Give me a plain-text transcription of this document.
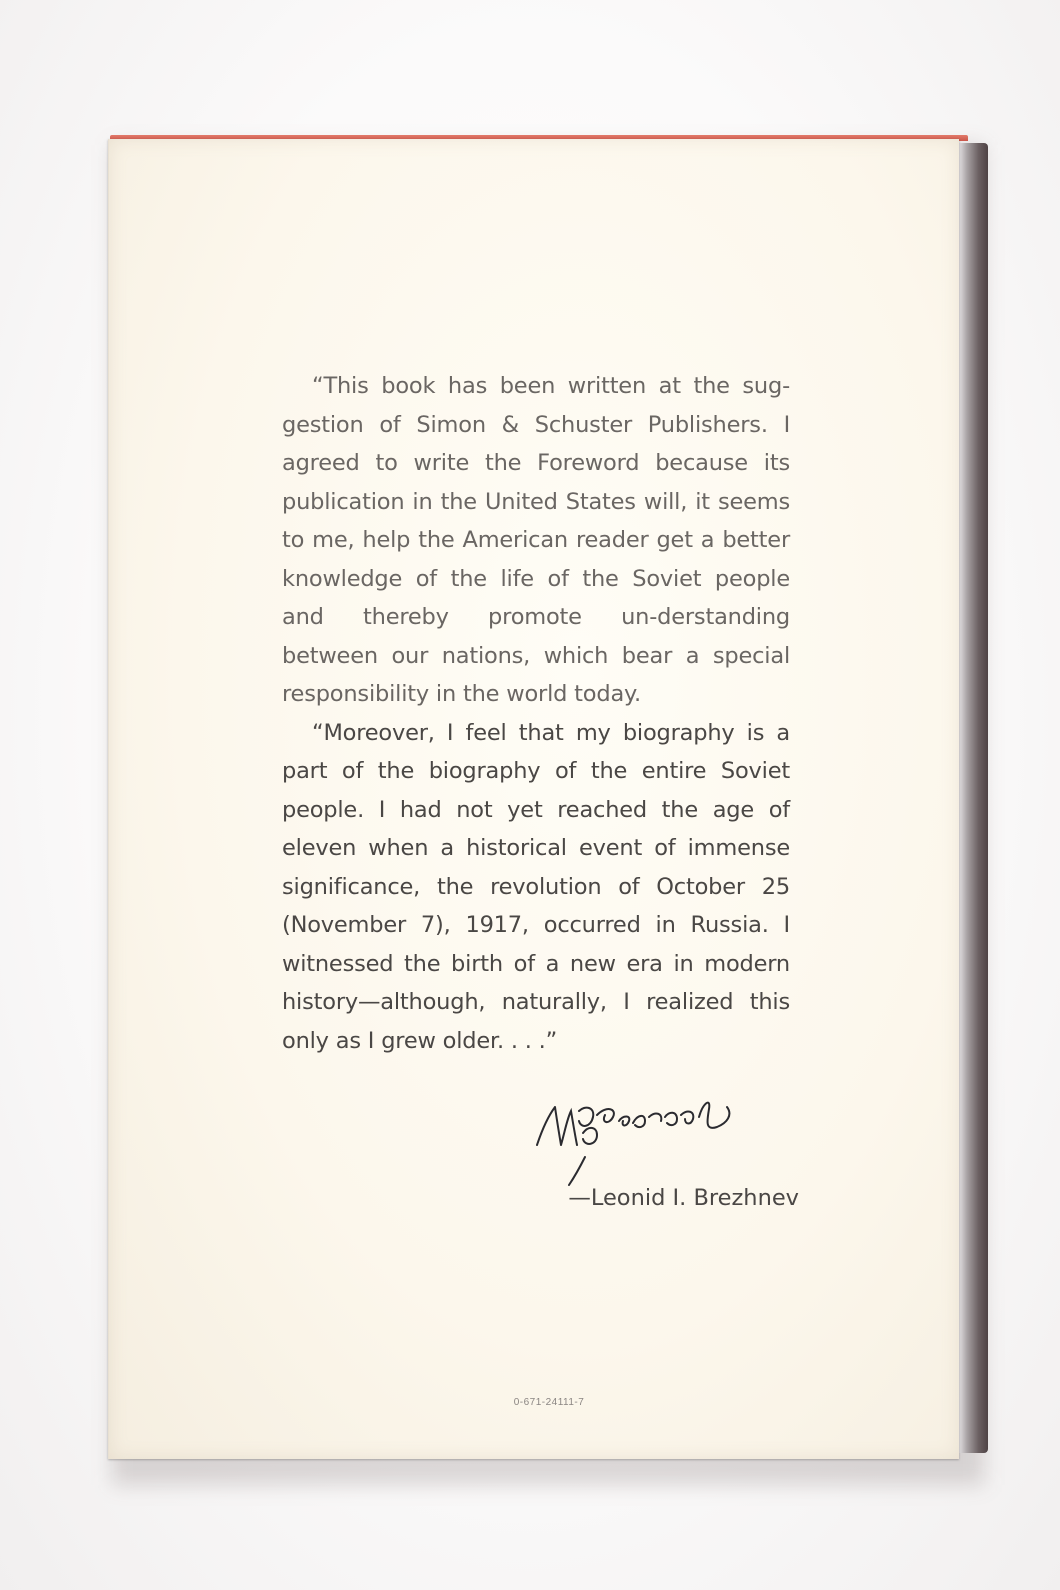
“This book has been written at the sug-gestion of Simon & Schuster Publishers. I agreed to write the Foreword because its publication in the United States will, it seems to me, help the American reader get a better knowledge of the life of the Soviet people and thereby promote un-derstanding between our nations, which bear a special responsibility in the world today.

“Moreover, I feel that my biography is a part of the biography of the entire Soviet people. I had not yet reached the age of eleven when a historical event of immense significance, the revolution of October 25 (November 7), 1917, occurred in Russia. I witnessed the birth of a new era in modern history—although, naturally, I realized this only as I grew older. . . .”

—Leonid I. Brezhnev
0-671-24111-7
